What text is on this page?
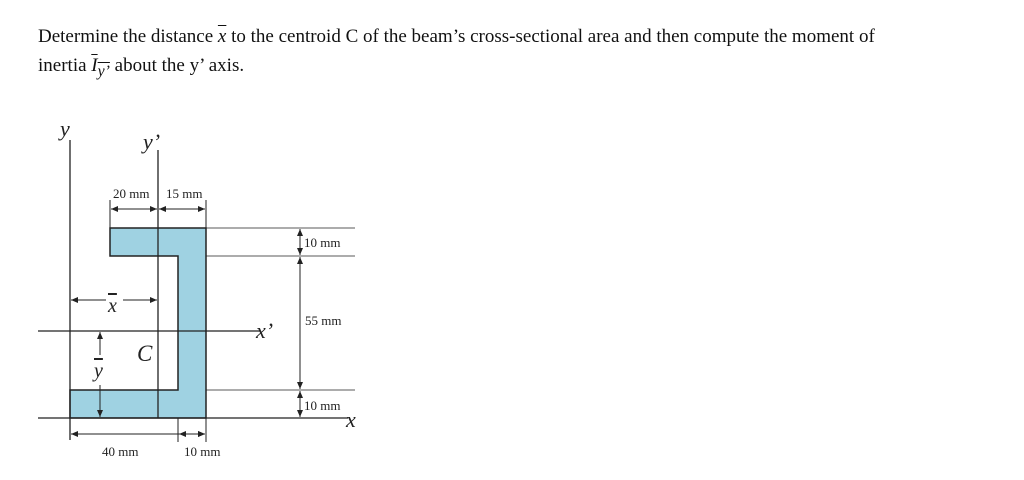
Determine the distance $\overline{x}$ to the centroid C of the beam’s cross-sectional area and then compute the moment of
inertia $I_{y’}$ about the y’ axis.
y
y’
x’
x
20 mm 15 mm
10 mm
55 mm
10 mm
x
y
C
40 mm	10 mm
